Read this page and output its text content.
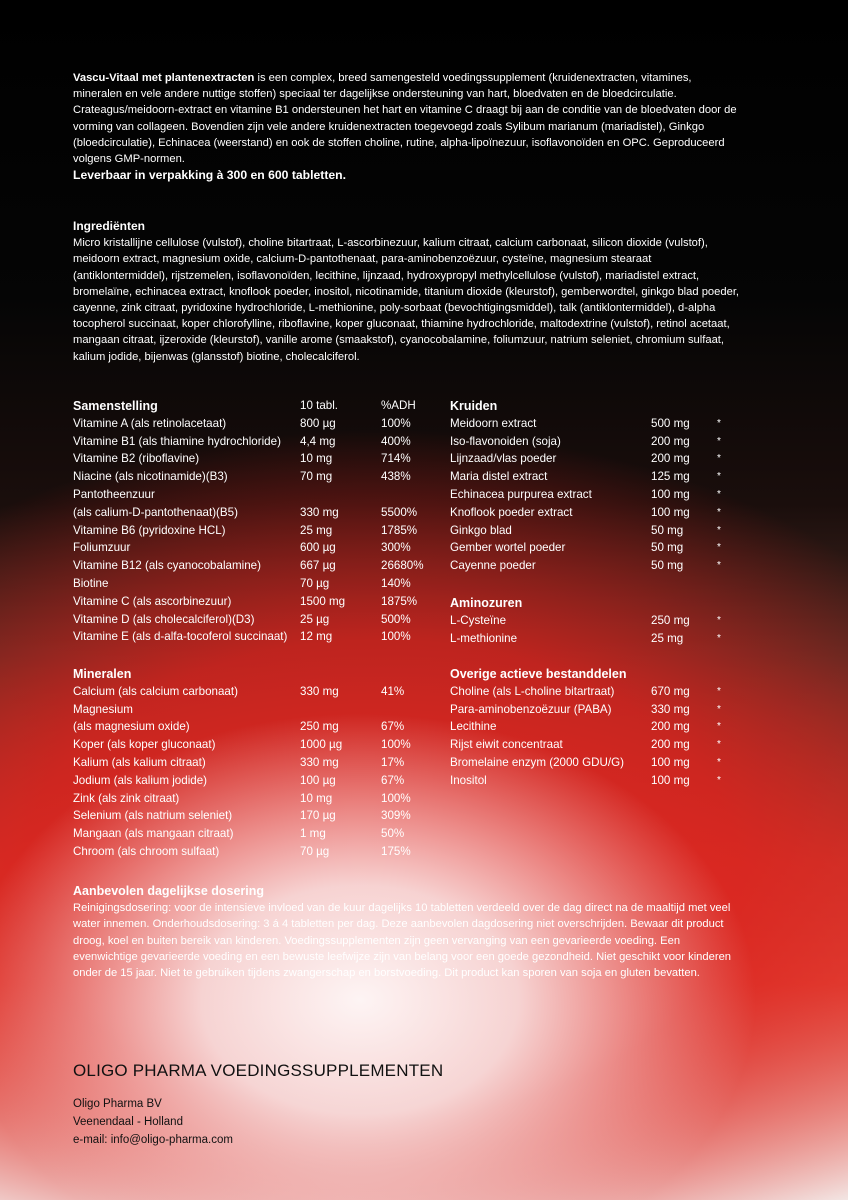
Vascu-Vitaal met plantenextracten is een complex, breed samengesteld voedingssupplement (kruidenextracten, vitamines, mineralen en vele andere nuttige stoffen) speciaal ter dagelijkse ondersteuning van hart, bloedvaten en de bloedcirculatie. Crateagus/meidoorn-extract en vitamine B1 ondersteunen het hart en vitamine C draagt bij aan de conditie van de bloedvaten door de vorming van collageen. Bovendien zijn vele andere kruidenextracten toegevoegd zoals Sylibum marianum (mariadistel), Ginkgo (bloedcirculatie), Echinacea (weerstand) en ook de stoffen choline, rutine, alpha-lipoïnezuur, isoflavonoïden en OPC. Geproduceerd volgens GMP-normen.
Leverbaar in verpakking à 300 en 600 tabletten.
Ingrediënten
Micro kristallijne cellulose (vulstof), choline bitartraat, L-ascorbinezuur, kalium citraat, calcium carbonaat, silicon dioxide (vulstof), meidoorn extract, magnesium oxide, calcium-D-pantothenaat, para-aminobenzoëzuur, cysteïne, magnesium stearaat (antiklontermiddel), rijstzemelen, isoflavonoïden, lecithine, lijnzaad, hydroxypropyl methylcellulose (vulstof), mariadistel extract, bromelaïne, echinacea extract, knoflook poeder, inositol, nicotinamide, titanium dioxide (kleurstof), gemberwordtel, ginkgo blad poeder, cayenne, zink citraat, pyridoxine hydrochloride, L-methionine, poly-sorbaat (bevochtigingsmiddel), talk (antiklontermiddel), d-alpha tocopherol succinaat, koper chlorofylline, riboflavine, koper gluconaat, thiamine hydrochloride, maltodextrine (vulstof), retinol acetaat, mangaan citraat, ijzeroxide (kleurstof), vanille arome (smaakstof), cyanocobalamine, foliumzuur, natrium seleniet, chromium sulfaat, kalium jodide, bijenwas (glansstof) biotine, cholecalciferol.
Samenstelling	10 tabl.	%ADH
Vitamine A (als retinolacetaat)	800 µg	100%
Vitamine B1 (als thiamine hydrochloride) 4,4 mg	400%
Vitamine B2 (riboflavine)	10 mg	714%
Niacine (als nicotinamide)(B3)	70 mg	438%
Pantotheenzuur
(als calium-D-pantothenaat)(B5)	330 mg	5500%
Vitamine B6 (pyridoxine HCL)	25 mg	1785%
Foliumzuur	600 µg	300%
Vitamine B12 (als cyanocobalamine)	667 µg	26680%
Biotine	70 µg	140%
Vitamine C (als ascorbinezuur)	1500 mg	1875%
Vitamine D (als cholecalciferol)(D3)	25 µg	500%
Vitamine E (als d-alfa-tocoferol succinaat) 12 mg	100%
Mineralen
Calcium (als calcium carbonaat)	330 mg	41%
Magnesium
(als magnesium oxide)	250 mg	67%
Koper (als koper gluconaat)	1000 µg	100%
Kalium (als kalium citraat)	330 mg	17%
Jodium (als kalium jodide)	100 µg	67%
Zink (als zink citraat)	10 mg	100%
Selenium (als natrium seleniet)	170 µg	309%
Mangaan (als mangaan citraat)	1 mg	50%
Chroom (als chroom sulfaat)	70 µg	175%
Kruiden
Meidoorn extract	500 mg	*
Iso-flavonoiden (soja)	200 mg	*
Lijnzaad/vlas poeder	200 mg	*
Maria distel extract	125 mg	*
Echinacea purpurea extract	100 mg	*
Knoflook poeder extract	100 mg	*
Ginkgo blad	50 mg	*
Gember wortel poeder	50 mg	*
Cayenne poeder	50 mg	*
Aminozuren
L-Cysteïne	250 mg	*
L-methionine	25 mg	*
Overige actieve bestanddelen
Choline (als L-choline bitartraat)	670 mg	*
Para-aminobenzoëzuur (PABA)	330 mg	*
Lecithine	200 mg	*
Rijst eiwit concentraat	200 mg	*
Bromelaine enzym (2000 GDU/G) 100 mg	*
Inositol	100 mg	*
Aanbevolen dagelijkse dosering
Reinigingsdosering: voor de intensieve invloed van de kuur dagelijks 10 tabletten verdeeld over de dag direct na de maaltijd met veel water innemen. Onderhoudsdosering: 3 á 4 tabletten per dag. Deze aanbevolen dagdosering niet overschrijden. Bewaar dit product droog, koel en buiten bereik van kinderen. Voedingssupplementen zijn geen vervanging van een gevarieerde voeding. Een evenwichtige gevarieerde voeding en een bewuste leefwijze zijn van belang voor een goede gezondheid. Niet geschikt voor kinderen onder de 15 jaar. Niet te gebruiken tijdens zwangerschap en borstvoeding. Dit product kan sporen van soja en gluten bevatten.
OLIGO PHARMA VOEDINGSSUPPLEMENTEN
Oligo Pharma BV
Veenendaal - Holland
e-mail: info@oligo-pharma.com
